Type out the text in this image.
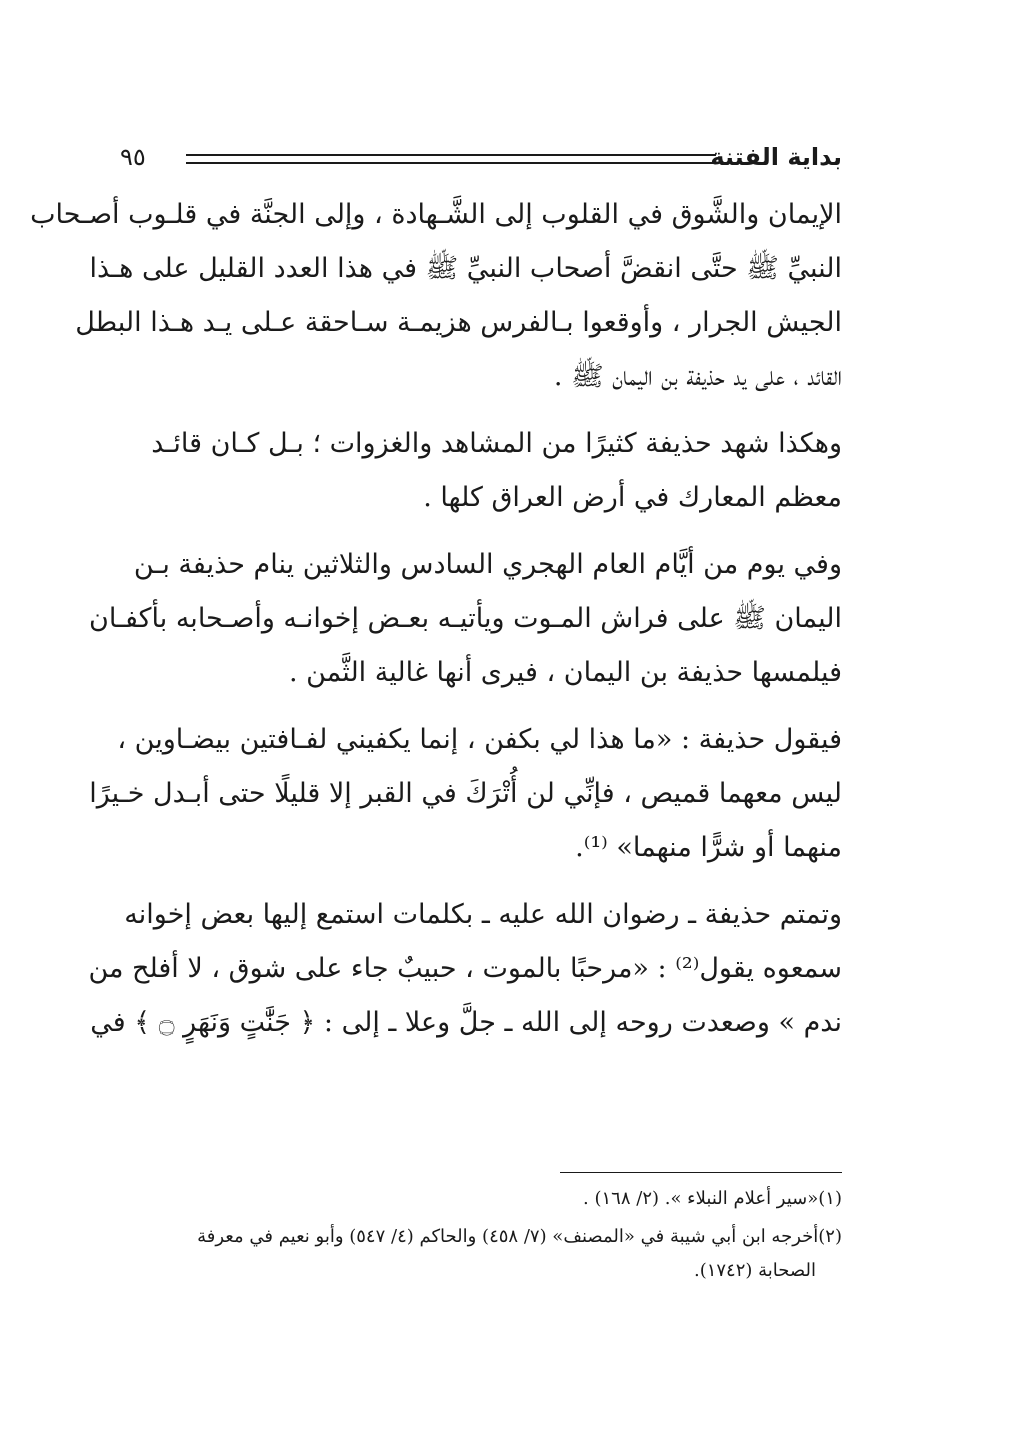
بداية الفتنة
٩٥

الإيمان والشَّوق في القلوب إلى الشَّـهادة ، وإلى الجنَّة في قلـوب أصـحاب
النبيِّ ﷺ حتَّى انقضَّ أصحاب النبيِّ ﷺ في هذا العدد القليل على هـذا
الجيش الجرار ، وأوقعوا بـالفرس هزيمـة سـاحقة عـلى يـد هـذا البطل
القائد ، على يد حذيفة بن اليمان ﷺ .

وهكذا شهد حذيفة كثيرًا من المشاهد والغزوات ؛ بـل كـان قائـد
معظم المعارك في أرض العراق كلها .

وفي يوم من أيَّام العام الهجري السادس والثلاثين ينام حذيفة بـن
اليمان ﷺ على فراش المـوت ويأتيـه بعـض إخوانـه وأصـحابه بأكفـان
فيلمسها حذيفة بن اليمان ، فيرى أنها غالية الثَّمن .

فيقول حذيفة : «ما هذا لي بكفن ، إنما يكفيني لفـافتين بيضـاوين ،
ليس معهما قميص ، فإنِّي لن أُتْرَكَ في القبر إلا قليلًا حتى أبـدل خـيرًا
منهما أو شرًّا منهما» ⁽¹⁾.

وتمتم حذيفة ـ رضوان الله عليه ـ بكلمات استمع إليها بعض إخوانه
سمعوه يقول⁽²⁾ : «مرحبًا بالموت ، حبيبٌ جاء على شوق ، لا أفلح من
ندم » وصعدت روحه إلى الله ـ جلَّ وعلا ـ إلى : ﴿ جَنَّٰتٍ وَنَهَرٍ ۝ ﴾ في

(١)«سير أعلام النبلاء ». (٢/ ١٦٨) .

(٢)أخرجه ابن أبي شيبة في «المصنف» (٧/ ٤٥٨) والحاكم (٤/ ٥٤٧) وأبو نعيم في معرفة
الصحابة (١٧٤٢).
